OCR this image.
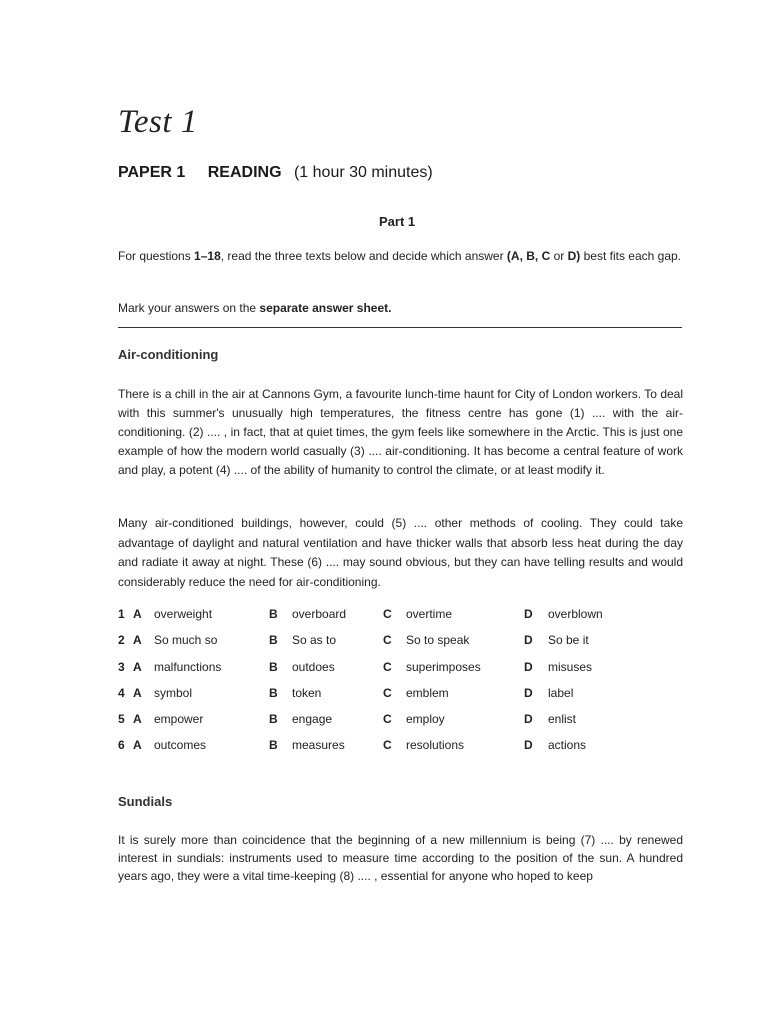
Test 1
PAPER 1 READING (1 hour 30 minutes)
Part 1
For questions 1–18, read the three texts below and decide which answer (A, B, C or D) best fits each gap.
Mark your answers on the separate answer sheet.
Air-conditioning
There is a chill in the air at Cannons Gym, a favourite lunch-time haunt for City of London workers. To deal with this summer's unusually high temperatures, the fitness centre has gone (1) .... with the air-conditioning. (2) .... , in fact, that at quiet times, the gym feels like somewhere in the Arctic. This is just one example of how the modern world casually (3) .... air-conditioning. It has become a central feature of work and play, a potent (4) .... of the ability of humanity to control the climate, or at least modify it.
Many air-conditioned buildings, however, could (5) .... other methods of cooling. They could take advantage of daylight and natural ventilation and have thicker walls that absorb less heat during the day and radiate it away at night. These (6) .... may sound obvious, but they can have telling results and would considerably reduce the need for air-conditioning.
1 A overweight	B overboard	C overtime	D overblown
2 A So much so	B So as to	C So to speak	D So be it
3 A malfunctions	B outdoes	C superimposes	D misuses
4 A symbol	B token	C emblem	D label
5 A empower	B engage	C employ	D enlist
6 A outcomes	B measures	C resolutions	D actions
Sundials
It is surely more than coincidence that the beginning of a new millennium is being (7) .... by renewed interest in sundials: instruments used to measure time according to the position of the sun. A hundred years ago, they were a vital time-keeping (8) .... , essential for anyone who hoped to keep
